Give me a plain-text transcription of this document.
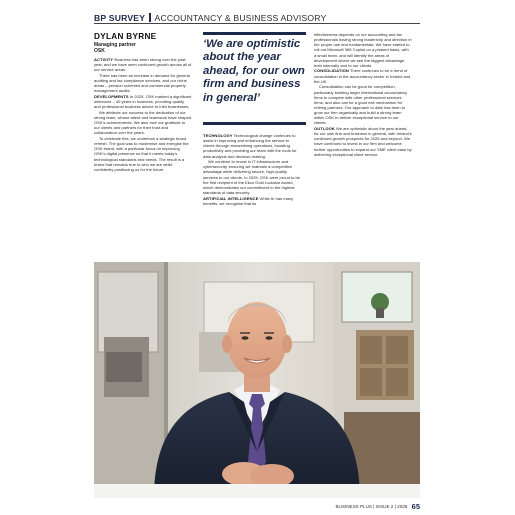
BP SURVEY ACCOUNTANCY & BUSINESS ADVISORY
DYLAN BYRNE
Managing partner
OSK

ACTIVITY Business has been strong over the past year, and we have seen continued growth across all of our service areas.

There has been an increase in demand for general auditing and tax compliance services, and our niche areas – pension schemes and commercial property management audits.

DEVELOPMENTS In 2025, OSK marked a significant milestone – 40 years in business, providing quality and professional business advice to Irish businesses.

We attribute our success to the dedication of our strong team, whose talent and teamwork have shaped OSK’s achievements. We also owe our gratitude to our clients and partners for their trust and collaboration over the years.

To celebrate this, we undertook a strategic brand refresh. The goal was to modernise and energise the OSK brand, with a particular focus on improving OSK’s digital presence so that it meets today’s technological standards and needs. The result is a brand that remains true to who we are while confidently positioning us for the future.

‘We are optimistic about the year ahead, for our own firm and business in general’

TECHNOLOGY Technological change continues to assist in improving and enhancing the service to clients through streamlining operations, boosting productivity and providing our team with the tools for data analysis and decision-making.

We continue to invest in IT infrastructure and cybersecurity, ensuring we maintain a competitive advantage while delivering secure, high-quality services to our clients. In 2025, OSK were proud to be the first recipient of the Ekco Gold Lockstar Award, which demonstrates our commitment to the highest standards of data security.

ARTIFICIAL INTELLIGENCE While AI has many benefits, we recognise that its

effectiveness depends on our accounting and tax professionals having strong leadership and direction in the proper use and fundamentals. We have started to roll out Microsoft 365 Copilot on a phased basis, with a small team, and will identify the areas of development where we see the biggest advantage both internally and to our clients.

CONSOLIDATION There continues to be a trend of consolidation in the accountancy sector in Ireland and the UK.

Consolidation can be good for competition, particularly building larger international accountancy firms to compete with other professional services firms, and also can be a good exit mechanism for retiring partners. Our approach to date has been to grow our firm organically and build a strong team within OSK to deliver exceptional service to our clients.

OUTLOOK We are optimistic about the year ahead, for our own firm and business in general, with Ireland’s continued growth prospects for 2026 and beyond. We have continued to invest in our firm and welcome further opportunities to expand our SME client base by delivering exceptional client service.

BUSINESS PLUS | ISSUE 2 | 2026 65
